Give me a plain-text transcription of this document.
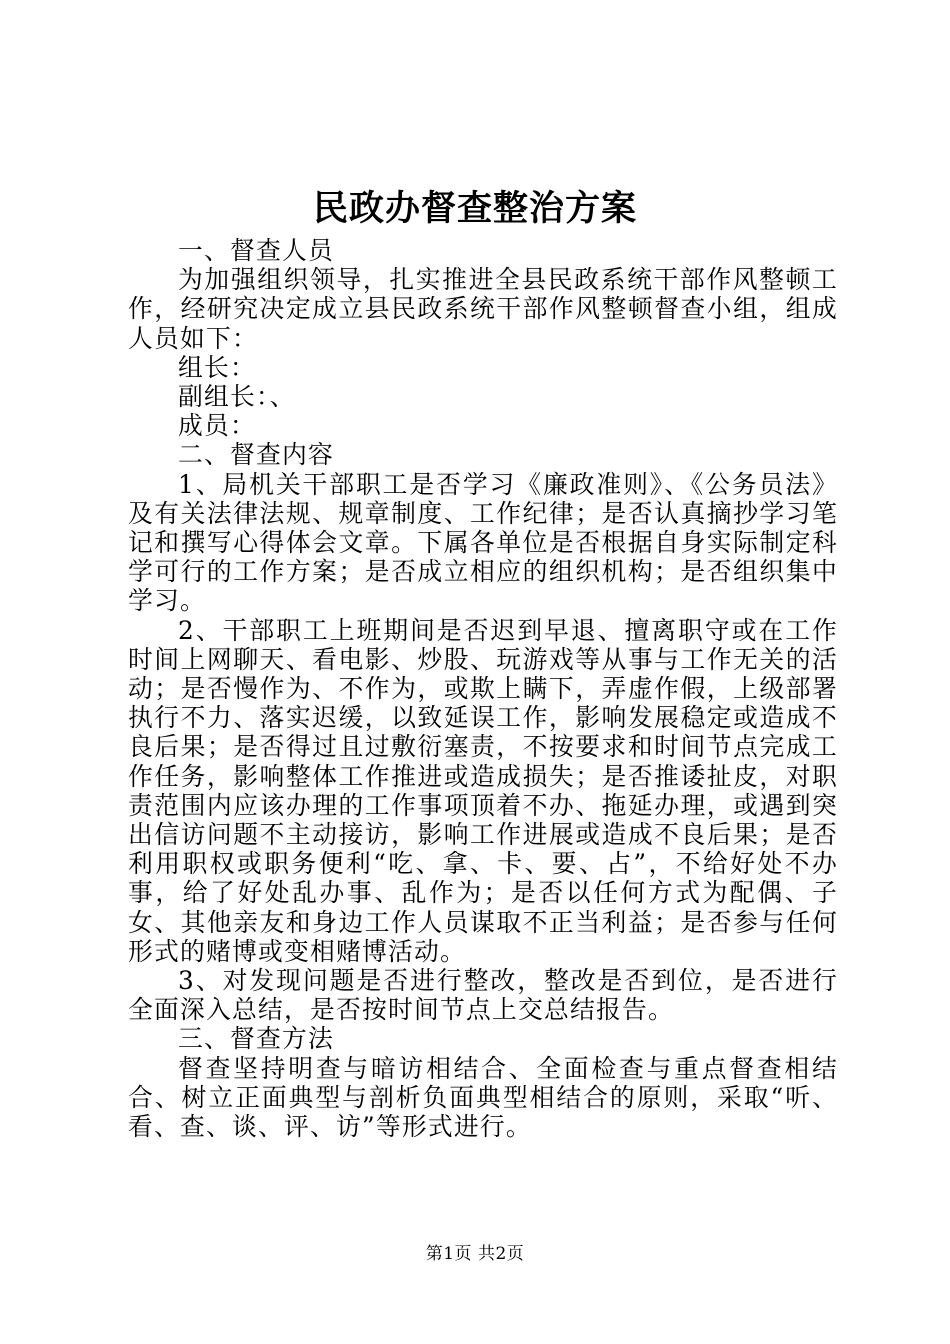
民政办督查整治方案

一、督查人员

为加强组织领导，扎实推进全县民政系统干部作风整顿工作，经研究决定成立县民政系统干部作风整顿督查小组，组成人员如下：

组长：

副组长：、

成员：

二、督查内容

1、局机关干部职工是否学习《廉政准则》、《公务员法》及有关法律法规、规章制度、工作纪律；是否认真摘抄学习笔记和撰写心得体会文章。下属各单位是否根据自身实际制定科学可行的工作方案；是否成立相应的组织机构；是否组织集中学习。

2、干部职工上班期间是否迟到早退、擅离职守或在工作时间上网聊天、看电影、炒股、玩游戏等从事与工作无关的活动；是否慢作为、不作为，或欺上瞒下，弄虚作假，上级部署执行不力、落实迟缓，以致延误工作，影响发展稳定或造成不良后果；是否得过且过敷衍塞责，不按要求和时间节点完成工作任务，影响整体工作推进或造成损失；是否推诿扯皮，对职责范围内应该办理的工作事项顶着不办、拖延办理，或遇到突出信访问题不主动接访，影响工作进展或造成不良后果；是否利用职权或职务便利“吃、拿、卡、要、占”，不给好处不办事，给了好处乱办事、乱作为；是否以任何方式为配偶、子女、其他亲友和身边工作人员谋取不正当利益；是否参与任何形式的赌博或变相赌博活动。

3、对发现问题是否进行整改，整改是否到位，是否进行全面深入总结，是否按时间节点上交总结报告。

三、督查方法

督查坚持明查与暗访相结合、全面检查与重点督查相结合、树立正面典型与剖析负面典型相结合的原则，采取“听、看、查、谈、评、访”等形式进行。

第1页 共2页
